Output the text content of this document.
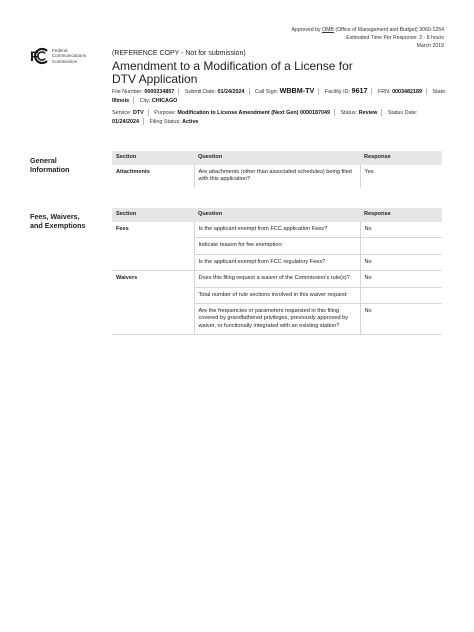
Approved by OMB (Office of Management and Budget) 3060-1254
Estimated Time Per Response: 2 - 8 hours
March 2019
F	Federal
Communications
Commission
(REFERENCE COPY - Not for submission)
Amendment to a Modification of a License for DTV Application
File Number: 0000234857 Submit Date: 01/24/2024 Call Sign: WBBM-TV Facility ID: 9617 FRN: 0003482189 State:
Illinois City: CHICAGO
Service: DTV Purpose: Modification to License Amendment (Next Gen) 0000187049 Status: Review Status Date:
01/24/2024 Filing Status: Active
General
Information
Section	Question	Response
Attachments	Are attachments (other than associated schedules) being filed with this application?	Yes
Fees, Waivers,
and Exemptions
Section	Question	Response
Fees	Is the applicant exempt from FCC application Fees?	No
	Indicate reason for fee exemption:	
	Is the applicant exempt from FCC regulatory Fees?	No
Waivers	Does this filing request a waiver of the Commission's rule(s)?	No
	Total number of rule sections involved in this waiver request:	
	Are the frequencies or parameters requested in this filing covered by grandfathered privileges, previously approved by waiver, or functionally integrated with an existing station?	No
